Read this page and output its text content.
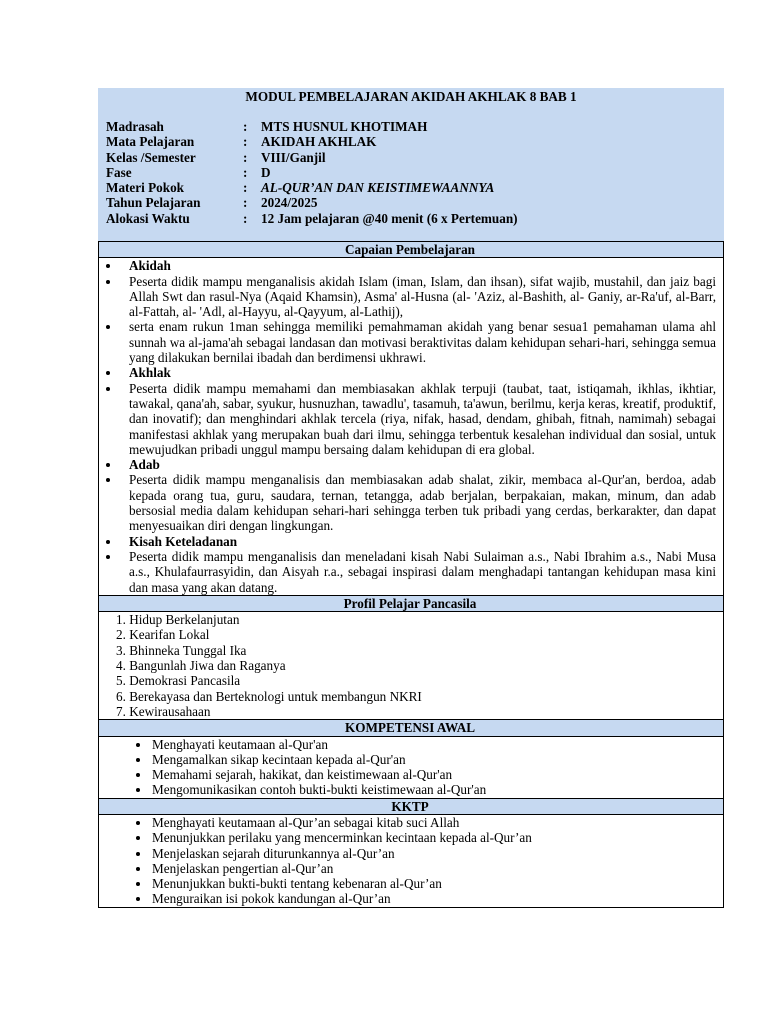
MODUL PEMBELAJARAN AKIDAH AKHLAK 8 BAB 1
Madrasah	:	MTS HUSNUL KHOTIMAH
Mata Pelajaran	:	AKIDAH AKHLAK
Kelas /Semester	:	VIII/Ganjil
Fase	:	D
Materi Pokok	:	AL-QUR’AN DAN KEISTIMEWAANNYA
Tahun Pelajaran	:	2024/2025
Alokasi Waktu	:	12 Jam pelajaran @40 menit (6 x Pertemuan)
Capaian Pembelajaran

Akidah
Peserta didik mampu menganalisis akidah Islam (iman, Islam, dan ihsan), sifat wajib, mustahil, dan jaiz bagi Allah Swt dan rasul-Nya (Aqaid Khamsin), Asma' al-Husna (al- 'Aziz, al-Bashith, al- Ganiy, ar-Ra'uf, al-Barr, al-Fattah, al- 'Adl, al-Hayyu, al-Qayyum, al-Lathij),
serta enam rukun 1man sehingga memiliki pemahmaman akidah yang benar sesua1 pemahaman ulama ahl sunnah wa al-jama'ah sebagai landasan dan motivasi beraktivitas dalam kehidupan sehari-hari, sehingga semua yang dilakukan bernilai ibadah dan berdimensi ukhrawi.
Akhlak
Peserta didik mampu memahami dan membiasakan akhlak terpuji (taubat, taat, istiqamah, ikhlas, ikhtiar, tawakal, qana'ah, sabar, syukur, husnuzhan, tawadlu', tasamuh, ta'awun, berilmu, kerja keras, kreatif, produktif, dan inovatif); dan menghindari akhlak tercela (riya, nifak, hasad, dendam, ghibah, fitnah, namimah) sebagai manifestasi akhlak yang merupakan buah dari ilmu, sehingga terbentuk kesalehan individual dan sosial, untuk mewujudkan pribadi unggul mampu bersaing dalam kehidupan di era global.
Adab
Peserta didik mampu menganalisis dan membiasakan adab shalat, zikir, membaca al-Qur'an, berdoa, adab kepada orang tua, guru, saudara, ternan, tetangga, adab berjalan, berpakaian, makan, minum, dan adab bersosial media dalam kehidupan sehari-hari sehingga terben tuk pribadi yang cerdas, berkarakter, dan dapat menyesuaikan diri dengan lingkungan.
Kisah Keteladanan
Peserta didik mampu menganalisis dan meneladani kisah Nabi Sulaiman a.s., Nabi Ibrahim a.s., Nabi Musa a.s., Khulafaurrasyidin, dan Aisyah r.a., sebagai inspirasi dalam menghadapi tantangan kehidupan masa kini dan masa yang akan datang.

Profil Pelajar Pancasila

1. Hidup Berkelanjutan
2. Kearifan Lokal
3. Bhinneka Tunggal Ika
4. Bangunlah Jiwa dan Raganya
5. Demokrasi Pancasila
6. Berekayasa dan Berteknologi untuk membangun NKRI
7. Kewirausahaan

KOMPETENSI AWAL

Menghayati keutamaan al-Qur'an
Mengamalkan sikap kecintaan kepada al-Qur'an
Memahami sejarah, hakikat, dan keistimewaan al-Qur'an
Mengomunikasikan contoh bukti-bukti keistimewaan al-Qur'an

KKTP

Menghayati keutamaan al-Qur’an sebagai kitab suci Allah
Menunjukkan perilaku yang mencerminkan kecintaan kepada al-Qur’an
Menjelaskan sejarah diturunkannya al-Qur’an
Menjelaskan pengertian al-Qur’an
Menunjukkan bukti-bukti tentang kebenaran al-Qur’an
Menguraikan isi pokok kandungan al-Qur’an
